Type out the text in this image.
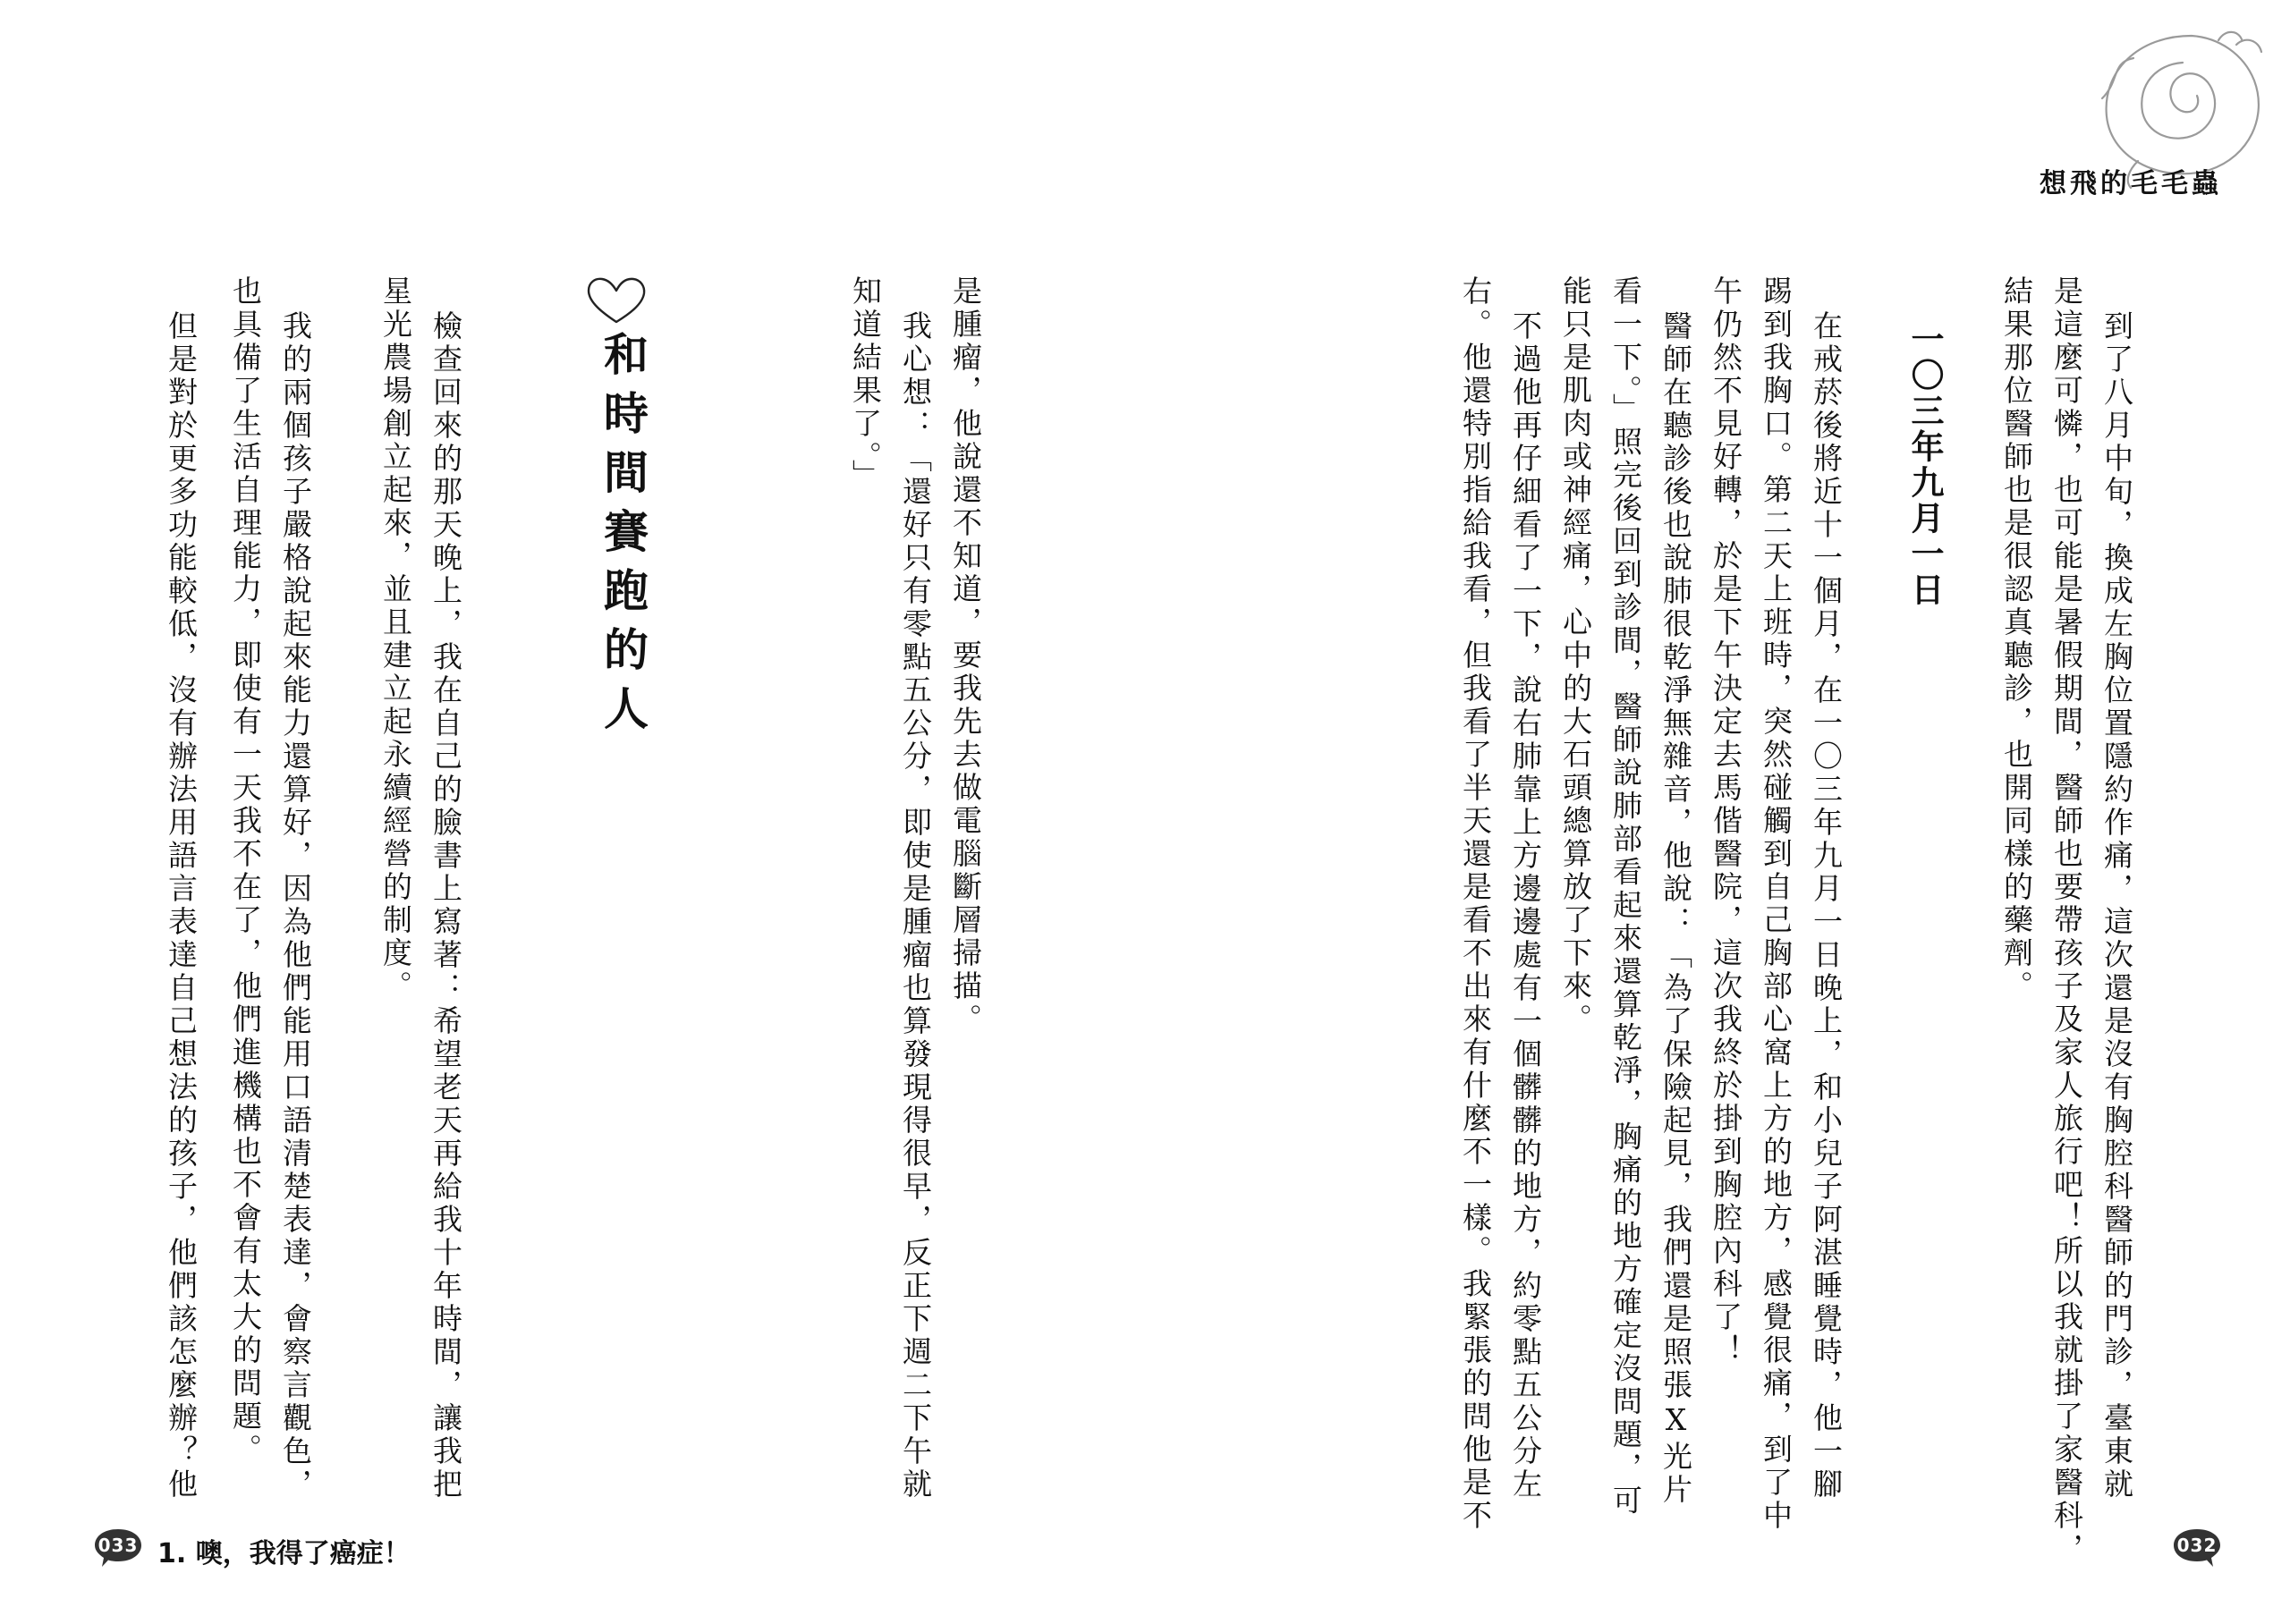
想飛的毛毛蟲
一〇三年九月一日	到了八月中旬，換成左胸位置隱約作痛，這次還是沒有胸腔科醫師的門診，臺東就
是這麼可憐，也可能是暑假期間，醫師也要帶孩子及家人旅行吧！所以我就掛了家醫科，
結果那位醫師也是很認真聽診，也開同樣的藥劑。
在戒菸後將近十一個月，在一〇三年九月一日晚上，和小兒子阿湛睡覺時，他一腳
踢到我胸口。第二天上班時，突然碰觸到自己胸部心窩上方的地方，感覺很痛，到了中
午仍然不見好轉，於是下午決定去馬偕醫院，這次我終於掛到胸腔內科了！
醫師在聽診後也說肺很乾淨無雜音，他說：「為了保險起見，我們還是照張X光片
看一下。」照完後回到診間，醫師說肺部看起來還算乾淨，胸痛的地方確定沒問題，可
能只是肌肉或神經痛，心中的大石頭總算放了下來。
不過他再仔細看了一下，說右肺靠上方邊邊處有一個髒髒的地方，約零點五公分左
右。他還特別指給我看，但我看了半天還是看不出來有什麼不一樣。我緊張的問他是不
032
是腫瘤，他說還不知道，要我先去做電腦斷層掃描。
我心想：「還好只有零點五公分，即使是腫瘤也算發現得很早，反正下週二下午就
知道結果了。」
和時間賽跑的人
檢查回來的那天晚上，我在自己的臉書上寫著：希望老天再給我十年時間，讓我把
星光農場創立起來，並且建立起永續經營的制度。
我的兩個孩子嚴格說起來能力還算好，因為他們能用口語清楚表達，會察言觀色，
也具備了生活自理能力，即使有一天我不在了，他們進機構也不會有太大的問題。
但是對於更多功能較低，沒有辦法用語言表達自己想法的孩子，他們該怎麼辦？他
033 1. 噢，我得了癌症！
